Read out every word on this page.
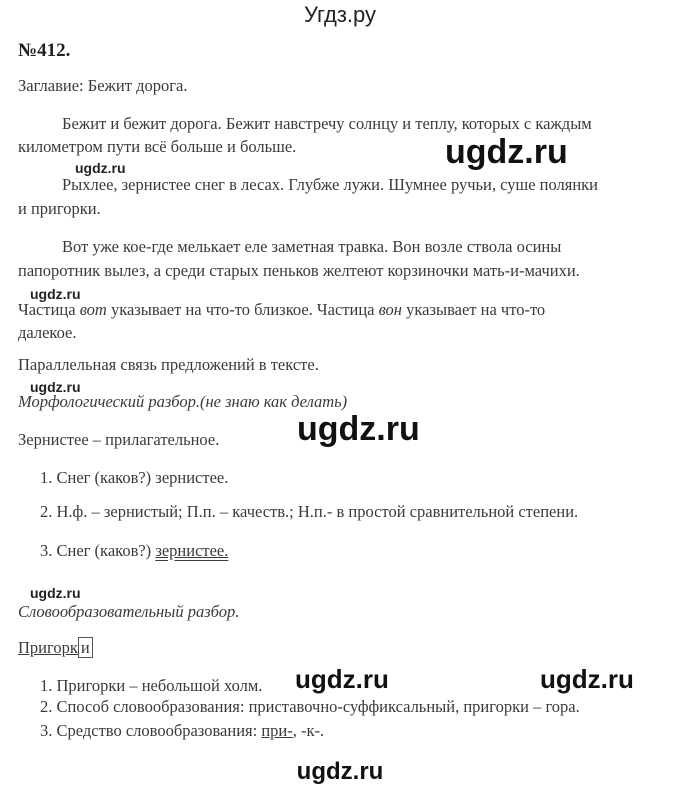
Угдз.ру
№412.
Заглавие: Бежит дорога.
Бежит и бежит дорога. Бежит навстречу солнцу и теплу, которых с каждым
километром пути всё больше и больше.
Рыхлее, зернистее снег в лесах. Глубже лужи. Шумнее ручьи, суше полянки
и пригорки.
Вот уже кое-где мелькает еле заметная травка. Вон возле ствола осины
папоротник вылез, а среди старых пеньков желтеют корзиночки мать-и-мачихи.
Частица вот указывает на что-то близкое. Частица вон указывает на что-то
далекое.
Параллельная связь предложений в тексте.
Морфологический разбор.(не знаю как делать)
Зернистее – прилагательное.
1. Снег (каков?) зернистее.
2. Н.ф. – зернистый; П.п. – качеств.; Н.п.- в простой сравнительной степени.
3. Снег (каков?) зернистее.
Словообразовательный разбор.
Пригорк и
1. Пригорки – небольшой холм.
2. Способ словообразования: приставочно-суффиксальный, пригорки – гора.
3. Средство словообразования: при-, -к-.
ugdz.ru
ugdz.ru
ugdz.ru
ugdz.ru
ugdz.ru
ugdz.ru
ugdz.ru	ugdz.ru
ugdz.ru
